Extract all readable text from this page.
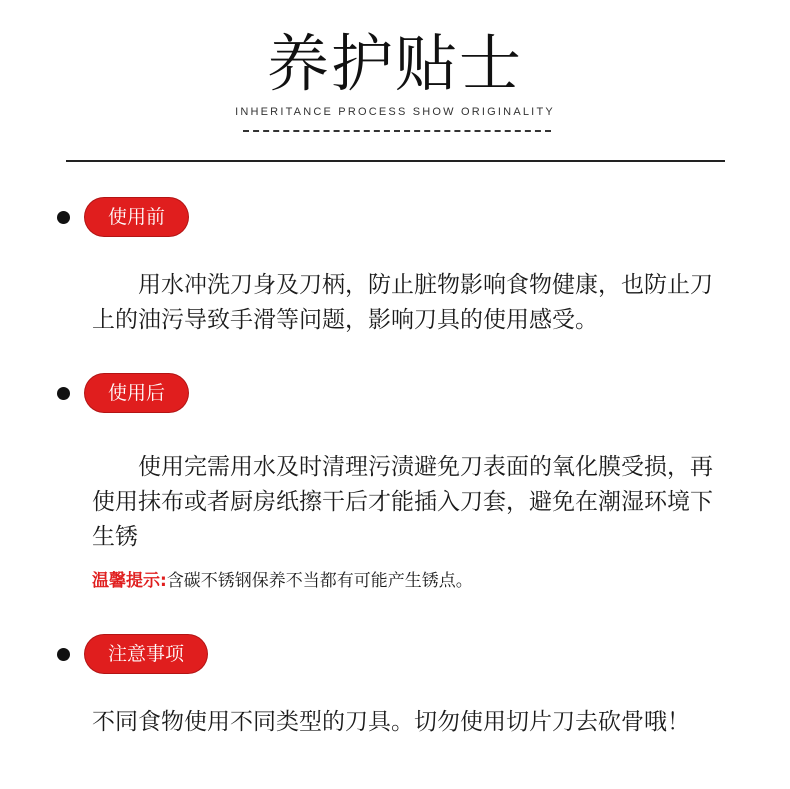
养护贴士
INHERITANCE PROCESS SHOW ORIGINALITY
使用前
用水冲洗刀身及刀柄，防止脏物影响食物健康，也防止刀上的油污导致手滑等问题，影响刀具的使用感受。
使用后
使用完需用水及时清理污渍避免刀表面的氧化膜受损，再使用抹布或者厨房纸擦干后才能插入刀套，避免在潮湿环境下生锈
温馨提示:含碳不锈钢保养不当都有可能产生锈点。
注意事项
不同食物使用不同类型的刀具。切勿使用切片刀去砍骨哦！
